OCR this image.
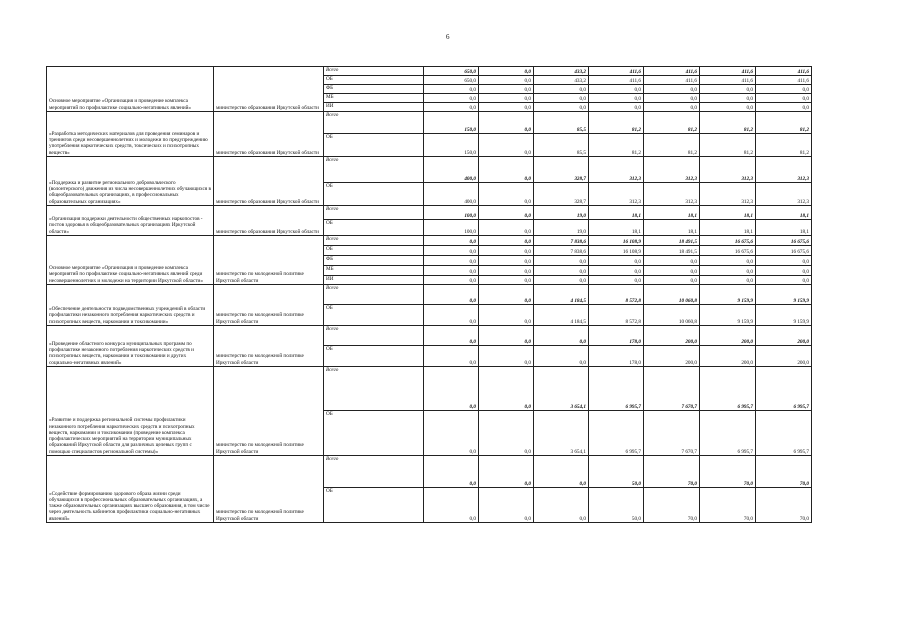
6
Основное мероприятие «Организация и проведение комплекса мероприятий по профилактике социально-негативных явлений»	министерство образования Иркутской области	Всего	650,0	0,0	433,2	411,6	411,6	411,6	411,6
		ОБ	650,0	0,0	433,2	411,6	411,6	411,6	411,6
		ФБ	0,0	0,0	0,0	0,0	0,0	0,0	0,0
		МБ	0,0	0,0	0,0	0,0	0,0	0,0	0,0
		ИИ	0,0	0,0	0,0	0,0	0,0	0,0	0,0
«Разработка методических материалов для проведения семинаров и тренингов среди несовершеннолетних и молодежи по предупреждению употребления наркотических средств, токсических и психотропных веществ»	министерство образования Иркутской области	Всего	150,0	0,0	85,5	81,2	81,2	81,2	81,2
		ОБ	150,0	0,0	85,5	81,2	81,2	81,2	81,2
«Поддержка и развитие регионального добровольческого (волонтерского) движения из числа несовершеннолетних обучающихся в общеобразовательных организациях, в профессиональных образовательных организациях»	министерство образования Иркутской области	Всего	400,0	0,0	328,7	312,3	312,3	312,3	312,3
		ОБ	400,0	0,0	328,7	312,3	312,3	312,3	312,3
«Организация поддержки деятельности общественных наркопостов - постов здоровья в общеобразовательных организациях Иркутской области»	министерство образования Иркутской области	Всего	100,0	0,0	19,0	18,1	18,1	18,1	18,1
		ОБ	100,0	0,0	19,0	18,1	18,1	18,1	18,1
Основное мероприятие «Организация и проведение комплекса мероприятий по профилактике социально-негативных явлений среди несовершеннолетних и молодежи на территории Иркутской области»	министерство по молодежной политике Иркутской области	Всего	0,0	0,0	7 838,6	16 108,9	18 491,5	16 675,6	16 675,6
		ОБ	0,0	0,0	7 838,6	16 108,9	18 491,5	16 675,6	16 675,6
		ФБ	0,0	0,0	0,0	0,0	0,0	0,0	0,0
		МБ	0,0	0,0	0,0	0,0	0,0	0,0	0,0
		ИИ	0,0	0,0	0,0	0,0	0,0	0,0	0,0
«Обеспечение деятельности подведомственных учреждений в области профилактики незаконного потребления наркотических средств и психотропных веществ, наркомании и токсикомании»	министерство по молодежной политике Иркутской области	Всего	0,0	0,0	4 184,5	8 572,8	10 060,8	9 159,9	9 159,9
		ОБ	0,0	0,0	4 184,5	8 572,8	10 060,8	9 159,9	9 159,9
«Проведение областного конкурса муниципальных программ по профилактике незаконного потребления наркотических средств и психотропных веществ, наркомании и токсикомании и других социально-негативных явлений»	министерство по молодежной политике Иркутской области	Всего	0,0	0,0	0,0	178,0	200,0	200,0	200,0
		ОБ	0,0	0,0	0,0	178,0	200,0	200,0	200,0
«Развитие и поддержка региональной системы профилактики незаконного потребления наркотических средств и психотропных веществ, наркомании и токсикомании (проведение комплекса профилактических мероприятий на территории муниципальных образований Иркутской области для различных целевых групп с помощью специалистов региональной системы)»	министерство по молодежной политике Иркутской области	Всего	0,0	0,0	3 654,1	6 995,7	7 670,7	6 995,7	6 995,7
		ОБ	0,0	0,0	3 654,1	6 995,7	7 670,7	6 995,7	6 995,7
«Содействие формированию здорового образа жизни среди обучающихся в профессиональных образовательных организациях, а также образовательных организациях высшего образования, в том числе через деятельность кабинетов профилактики социально-негативных явлений»	министерство по молодежной политике Иркутской области	Всего	0,0	0,0	0,0	50,0	70,0	70,0	70,0
		ОБ	0,0	0,0	0,0	50,0	70,0	70,0	70,0
